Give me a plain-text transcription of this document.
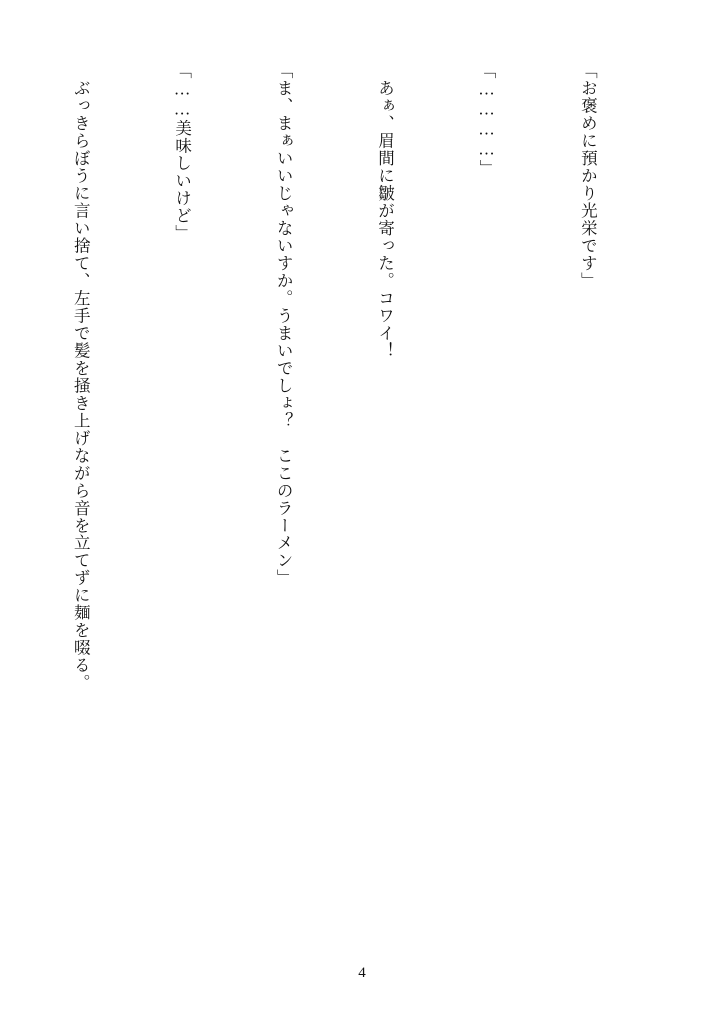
「お褒めに預かり光栄です」

「…………」

　あぁ、眉間に皺が寄った。コワイ！

「ま、まぁいいじゃないすか。うまいでしょ？　ここのラーメン」

「……美味しいけど」

　ぶっきらぼうに言い捨て、左手で髪を掻き上げながら音を立てずに麺を啜る。

4
